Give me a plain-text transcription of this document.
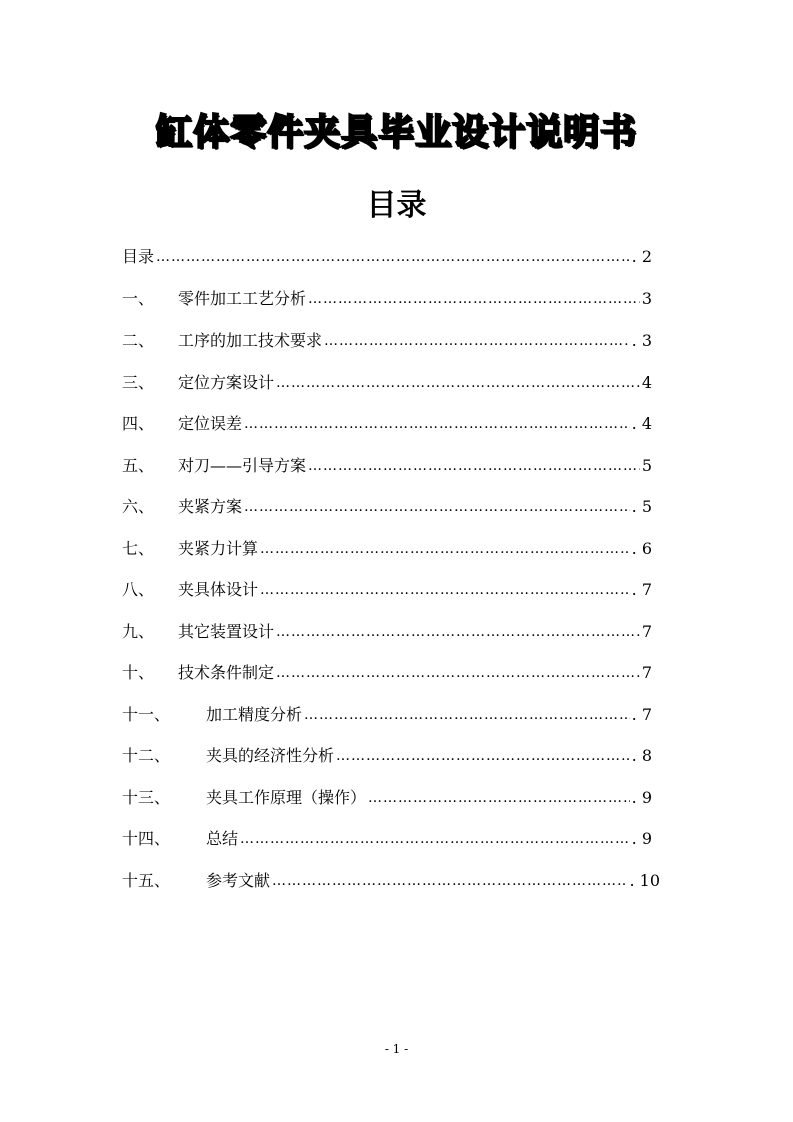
缸体零件夹具毕业设计说明书
目录
目录 …………………………………………………………………………………………………………………………………………………………………………………	. 2
一、	零件加工工艺分析 …………………………………………………………………………………………………………………………………………………………………………………	3
二、	工序的加工技术要求 …………………………………………………………………………………………………………………………………………………………………………………	. 3
三、	定位方案设计 …………………………………………………………………………………………………………………………………………………………………………………	4
四、	定位误差 …………………………………………………………………………………………………………………………………………………………………………………	. 4
五、	对刀——引导方案 …………………………………………………………………………………………………………………………………………………………………………………	5
六、	夹紧方案 …………………………………………………………………………………………………………………………………………………………………………………	. 5
七、	夹紧力计算 …………………………………………………………………………………………………………………………………………………………………………………	. 6
八、	夹具体设计 …………………………………………………………………………………………………………………………………………………………………………………	. 7
九、	其它装置设计 …………………………………………………………………………………………………………………………………………………………………………………	7
十、	技术条件制定 …………………………………………………………………………………………………………………………………………………………………………………	7
十一、	加工精度分析 …………………………………………………………………………………………………………………………………………………………………………………	. 7
十二、	夹具的经济性分析 …………………………………………………………………………………………………………………………………………………………………………………	. 8
十三、	夹具工作原理（操作） …………………………………………………………………………………………………………………………………………………………………………………	. 9
十四、	总结 …………………………………………………………………………………………………………………………………………………………………………………	. 9
十五、	参考文献 …………………………………………………………………………………………………………………………………………………………………………………	. 10
- 1 -
